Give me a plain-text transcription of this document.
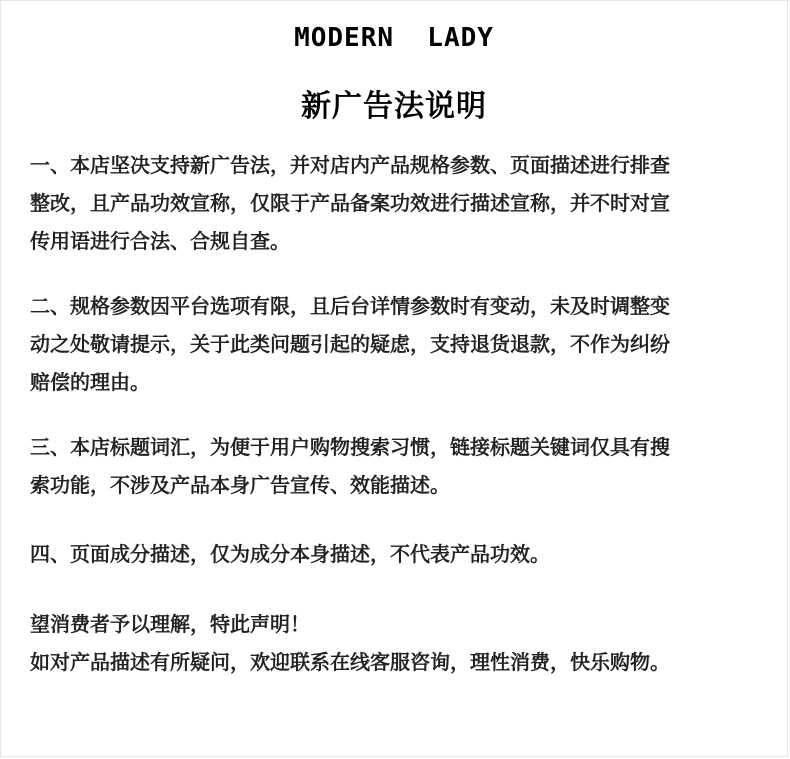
MODERN  LADY
新广告法说明
一、本店坚决支持新广告法，并对店内产品规格参数、页面描述进行排查
整改，且产品功效宣称，仅限于产品备案功效进行描述宣称，并不时对宣
传用语进行合法、合规自查。
二、规格参数因平台选项有限，且后台详情参数时有变动，未及时调整变
动之处敬请提示，关于此类问题引起的疑虑，支持退货退款，不作为纠纷
赔偿的理由。
三、本店标题词汇，为便于用户购物搜索习惯，链接标题关键词仅具有搜
索功能，不涉及产品本身广告宣传、效能描述。
四、页面成分描述，仅为成分本身描述，不代表产品功效。
望消费者予以理解，特此声明！
如对产品描述有所疑问，欢迎联系在线客服咨询，理性消费，快乐购物。
